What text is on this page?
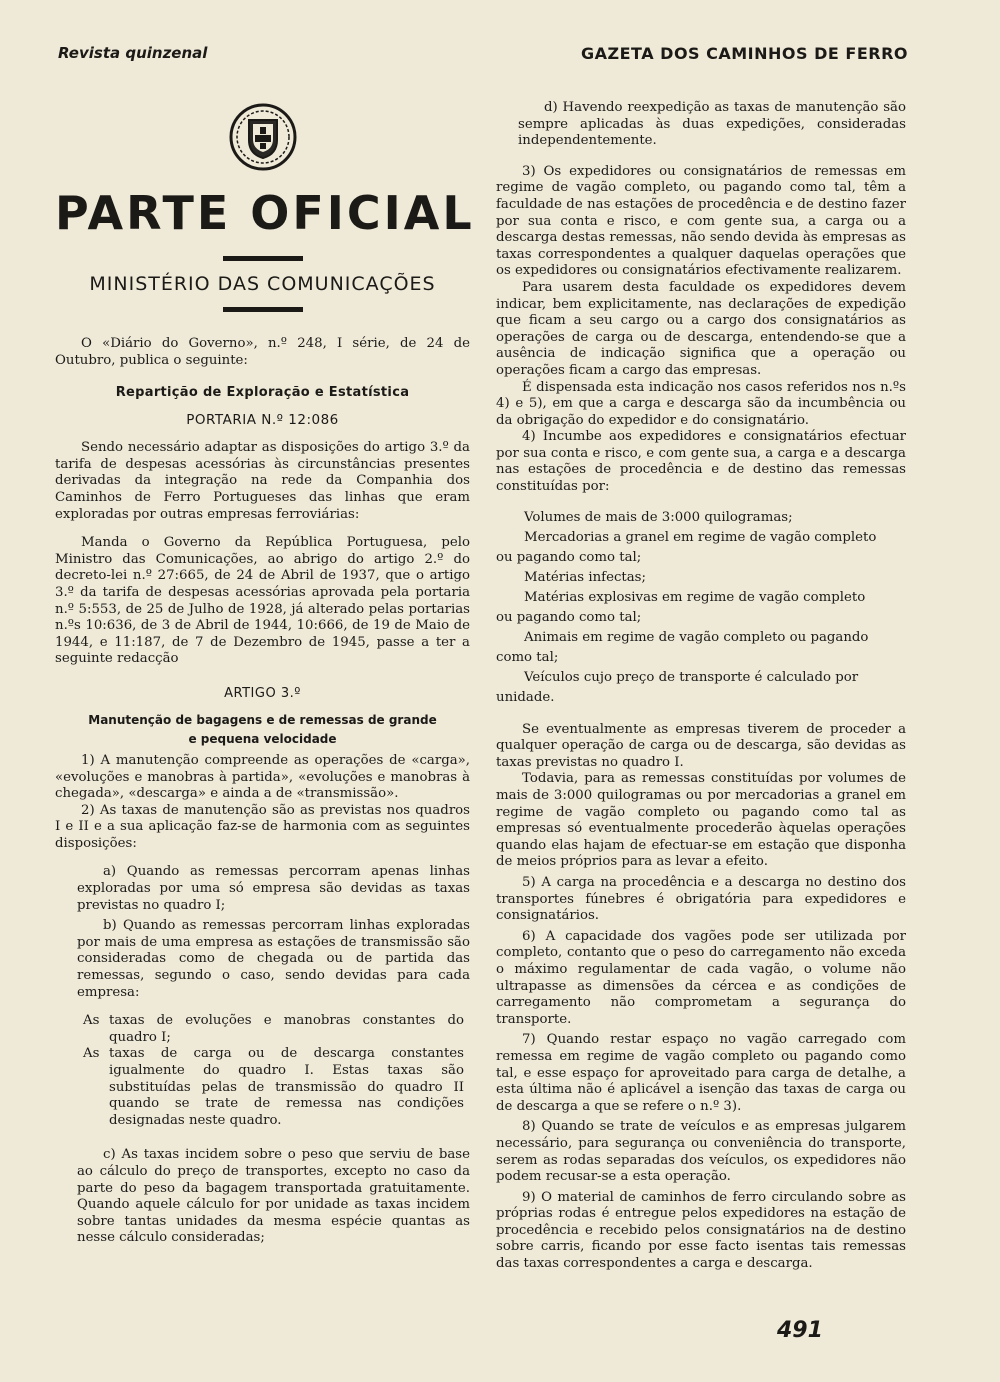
Revista quinzenal	GAZETA DOS CAMINHOS DE FERRO
PARTE OFICIAL
MINISTÉRIO DAS COMUNICAÇÕES

O «Diário do Governo», n.º 248, I série, de 24 de Outubro, publica o seguinte:

Repartição de Exploração e Estatística
PORTARIA N.º 12:086

Sendo necessário adaptar as disposições do artigo 3.º da tarifa de despesas acessórias às circunstâncias presentes derivadas da integração na rede da Companhia dos Caminhos de Ferro Portugueses das linhas que eram exploradas por outras empresas ferroviárias:

Manda o Governo da República Portuguesa, pelo Ministro das Comunicações, ao abrigo do artigo 2.º do decreto-lei n.º 27:665, de 24 de Abril de 1937, que o artigo 3.º da tarifa de despesas acessórias aprovada pela portaria n.º 5:553, de 25 de Julho de 1928, já alterado pelas portarias n.ºs 10:636, de 3 de Abril de 1944, 10:666, de 19 de Maio de 1944, e 11:187, de 7 de Dezembro de 1945, passe a ter a seguinte redacção

ARTIGO 3.º
Manutenção de bagagens e de remessas de grande
e pequena velocidade

1) A manutenção compreende as operações de «carga», «evoluções e manobras à partida», «evoluções e manobras à chegada», «descarga» e ainda a de «transmissão».

2) As taxas de manutenção são as previstas nos quadros I e II e a sua aplicação faz-se de harmonia com as seguintes disposições:

a) Quando as remessas percorram apenas linhas exploradas por uma só empresa são devidas as taxas previstas no quadro I;

b) Quando as remessas percorram linhas exploradas por mais de uma empresa as estações de transmissão são consideradas como de chegada ou de partida das remessas, segundo o caso, sendo devidas para cada empresa:

As taxas de evoluções e manobras constantes do quadro I;
As taxas de carga ou de descarga constantes igualmente do quadro I. Estas taxas são substituídas pelas de transmissão do quadro II quando se trate de remessa nas condições designadas neste quadro.

c) As taxas incidem sobre o peso que serviu de base ao cálculo do preço de transportes, excepto no caso da parte do peso da bagagem transportada gratuitamente. Quando aquele cálculo for por unidade as taxas incidem sobre tantas unidades da mesma espécie quantas as nesse cálculo consideradas;

d) Havendo reexpedição as taxas de manutenção são sempre aplicadas às duas expedições, consideradas independentemente.

3) Os expedidores ou consignatários de remessas em regime de vagão completo, ou pagando como tal, têm a faculdade de nas estações de procedência e de destino fazer por sua conta e risco, e com gente sua, a carga ou a descarga destas remessas, não sendo devida às empresas as taxas correspondentes a qualquer daquelas operações que os expedidores ou consignatários efectivamente realizarem.

Para usarem desta faculdade os expedidores devem indicar, bem explicitamente, nas declarações de expedição que ficam a seu cargo ou a cargo dos consignatários as operações de carga ou de descarga, entendendo-se que a ausência de indicação significa que a operação ou operações ficam a cargo das empresas.

É dispensada esta indicação nos casos referidos nos n.ºs 4) e 5), em que a carga e descarga são da incumbência ou da obrigação do expedidor e do consignatário.

4) Incumbe aos expedidores e consignatários efectuar por sua conta e risco, e com gente sua, a carga e a descarga nas estações de procedência e de destino das remessas constituídas por:

Volumes de mais de 3:000 quilogramas;
Mercadorias a granel em regime de vagão completo
ou pagando como tal;
Matérias infectas;
Matérias explosivas em regime de vagão completo
ou pagando como tal;
Animais em regime de vagão completo ou pagando
como tal;
Veículos cujo preço de transporte é calculado por
unidade.

Se eventualmente as empresas tiverem de proceder a qualquer operação de carga ou de descarga, são devidas as taxas previstas no quadro I.

Todavia, para as remessas constituídas por volumes de mais de 3:000 quilogramas ou por mercadorias a granel em regime de vagão completo ou pagando como tal as empresas só eventualmente procederão àquelas operações quando elas hajam de efectuar-se em estação que disponha de meios próprios para as levar a efeito.

5) A carga na procedência e a descarga no destino dos transportes fúnebres é obrigatória para expedidores e consignatários.

6) A capacidade dos vagões pode ser utilizada por completo, contanto que o peso do carregamento não exceda o máximo regulamentar de cada vagão, o volume não ultrapasse as dimensões da cércea e as condições de carregamento não comprometam a segurança do transporte.

7) Quando restar espaço no vagão carregado com remessa em regime de vagão completo ou pagando como tal, e esse espaço for aproveitado para carga de detalhe, a esta última não é aplicável a isenção das taxas de carga ou de descarga a que se refere o n.º 3).

8) Quando se trate de veículos e as empresas julgarem necessário, para segurança ou conveniência do transporte, serem as rodas separadas dos veículos, os expedidores não podem recusar-se a esta operação.

9) O material de caminhos de ferro circulando sobre as próprias rodas é entregue pelos expedidores na estação de procedência e recebido pelos consignatários na de destino sobre carris, ficando por esse facto isentas tais remessas das taxas correspondentes a carga e descarga.

491
